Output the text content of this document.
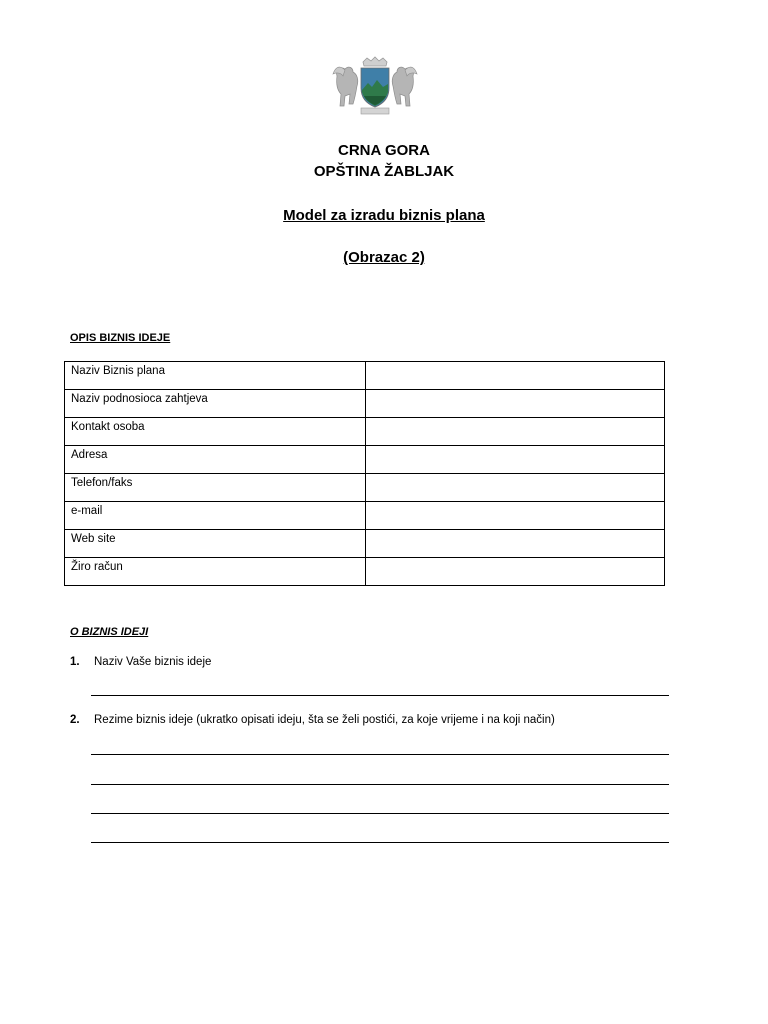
CRNA GORA

OPŠTINA ŽABLJAK

Model za izradu biznis plana

(Obrazac 2)

OPIS BIZNIS IDEJE

Naziv Biznis plana	
Naziv podnosioca zahtjeva	
Kontakt osoba	
Adresa	
Telefon/faks	
e-mail	
Web site	
Žiro račun	

O BIZNIS IDEJI

1. Naziv Vaše biznis ideje
2. Rezime biznis ideje (ukratko opisati ideju, šta se želi postići, za koje vrijeme i na koji način)
